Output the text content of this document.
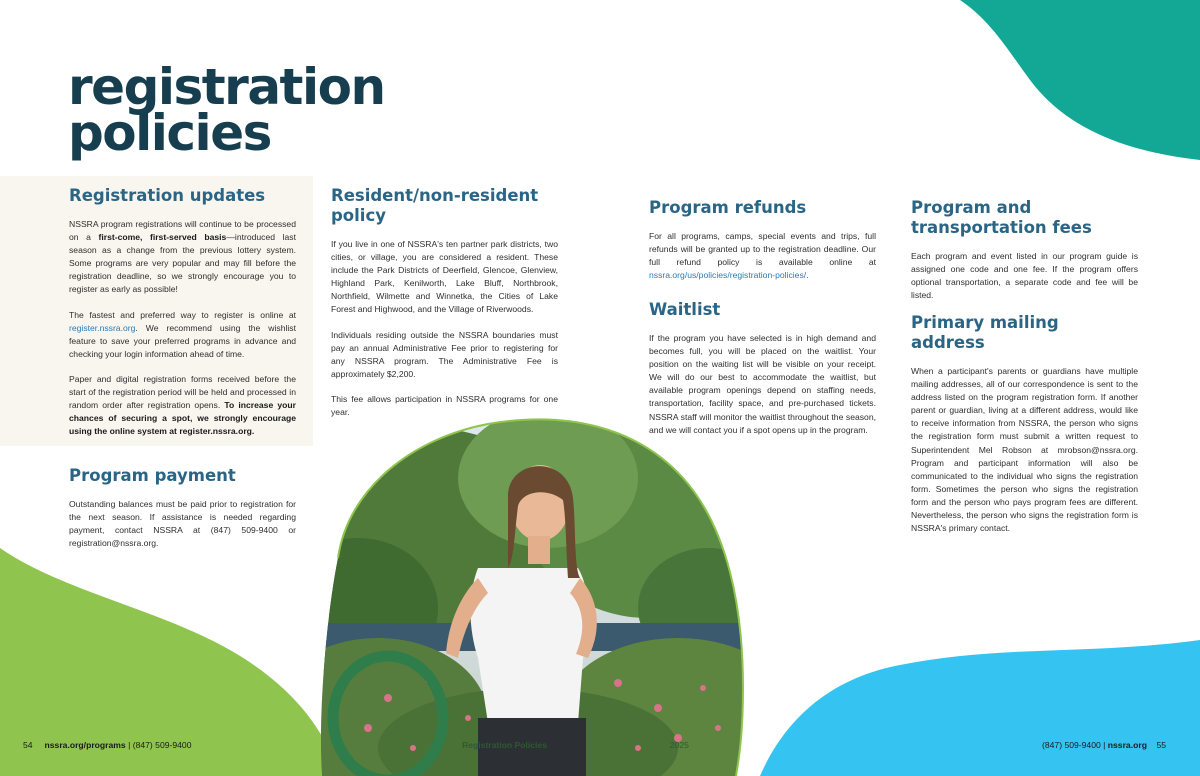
registration
policies
Registration updates

NSSRA program registrations will continue to be processed on a first-come, first-served basis—introduced last season as a change from the previous lottery system. Some programs are very popular and may fill before the registration deadline, so we strongly encourage you to register as early as possible!

The fastest and preferred way to register is online at register.nssra.org. We recommend using the wishlist feature to save your preferred programs in advance and checking your login information ahead of time.

Paper and digital registration forms received before the start of the registration period will be held and processed in random order after registration opens. To increase your chances of securing a spot, we strongly encourage using the online system at register.nssra.org.

Program payment

Outstanding balances must be paid prior to registration for the next season. If assistance is needed regarding payment, contact NSSRA at (847) 509-9400 or registration@nssra.org.

Resident/non-resident policy

If you live in one of NSSRA's ten partner park districts, two cities, or village, you are considered a resident. These include the Park Districts of Deerfield, Glencoe, Glenview, Highland Park, Kenilworth, Lake Bluff, Northbrook, Northfield, Wilmette and Winnetka, the Cities of Lake Forest and Highwood, and the Village of Riverwoods.

Individuals residing outside the NSSRA boundaries must pay an annual Administrative Fee prior to registering for any NSSRA program. The Administrative Fee is approximately $2,200.

This fee allows participation in NSSRA programs for one year.

Program refunds

For all programs, camps, special events and trips, full refunds will be granted up to the registration deadline. Our full refund policy is available online at nssra.org/us/policies/registration-policies/.

Waitlist

If the program you have selected is in high demand and becomes full, you will be placed on the waitlist. Your position on the waiting list will be visible on your receipt. We will do our best to accommodate the waitlist, but available program openings depend on staffing needs, transportation, facility space, and pre-purchased tickets. NSSRA staff will monitor the waitlist throughout the season, and we will contact you if a spot opens up in the program.

Program and transportation fees

Each program and event listed in our program guide is assigned one code and one fee. If the program offers optional transportation, a separate code and fee will be listed.

Primary mailing address

When a participant's parents or guardians have multiple mailing addresses, all of our correspondence is sent to the address listed on the program registration form. If another parent or guardian, living at a different address, would like to receive information from NSSRA, the person who signs the registration form must submit a written request to Superintendent Mel Robson at mrobson@nssra.org. Program and participant information will also be communicated to the individual who signs the registration form. Sometimes the person who signs the registration form and the person who pays program fees are different. Nevertheless, the person who signs the registration form is NSSRA's primary contact.

54 nssra.org/programs | (847) 509-9400	Registration Policies	2025	(847) 509-9400 | nssra.org 55
